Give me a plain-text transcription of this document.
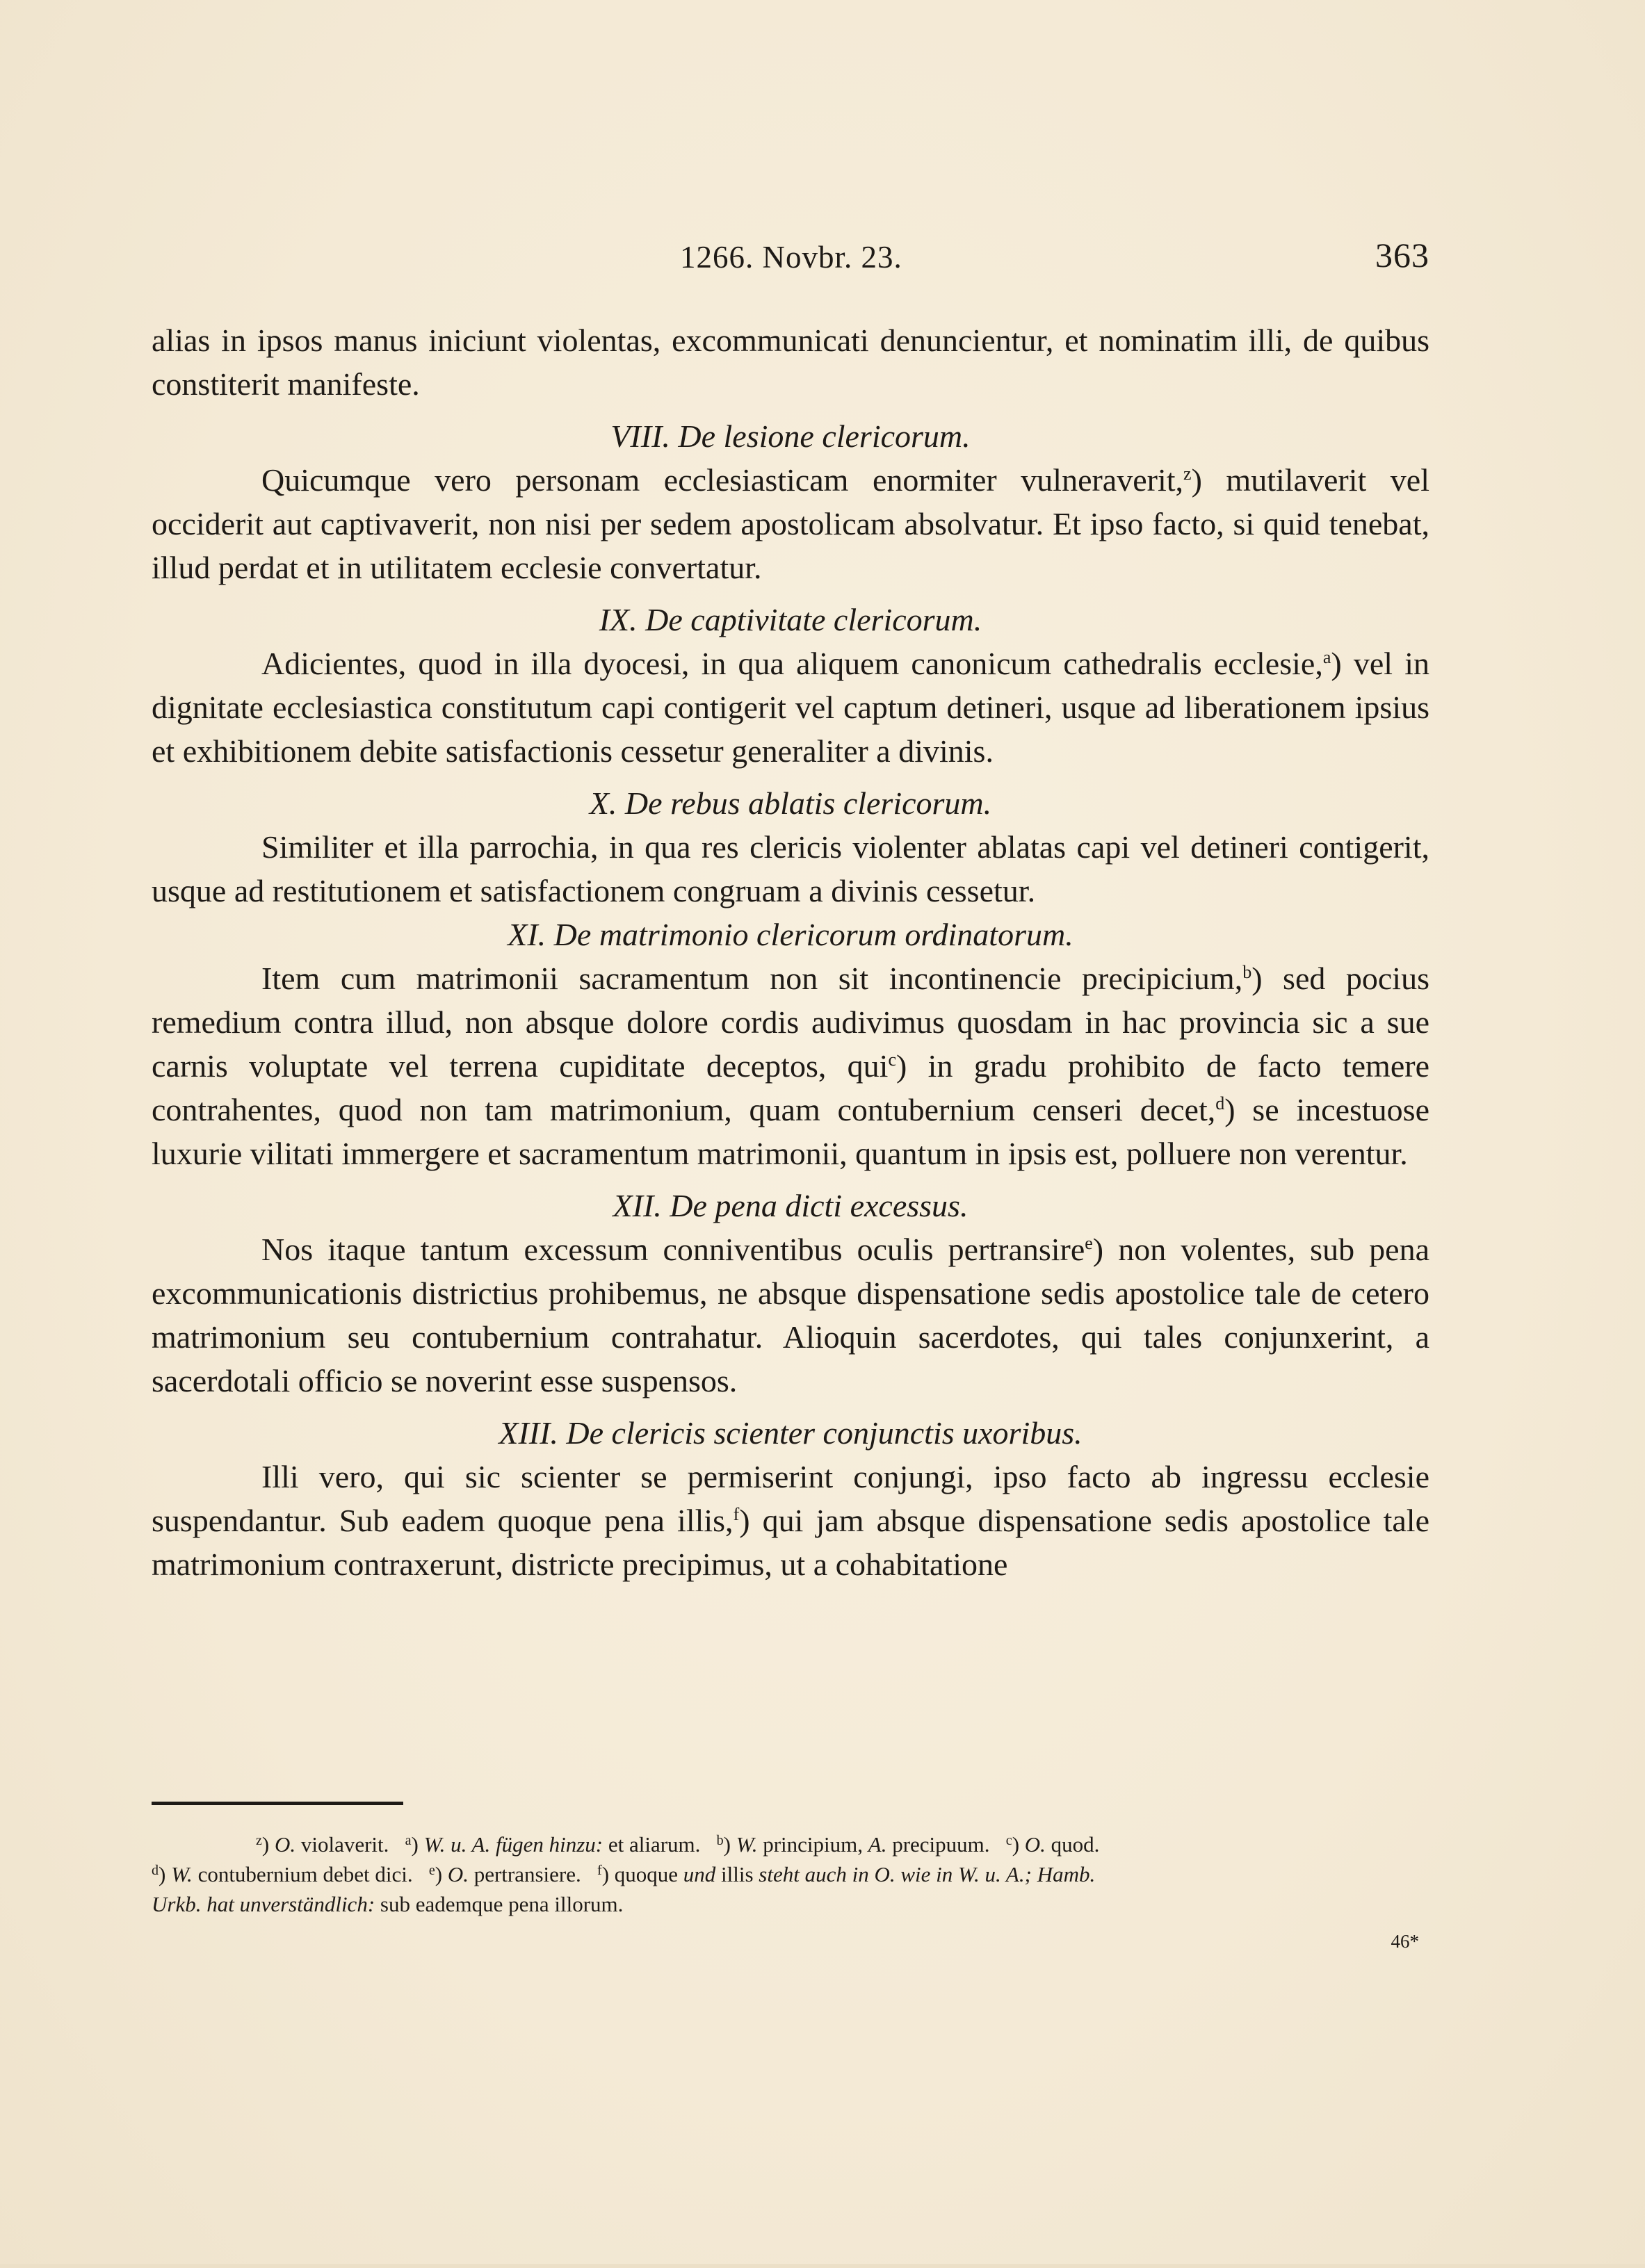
1266. Novbr. 23.	363

alias in ipsos manus iniciunt violentas, excommunicati denuncientur, et nominatim illi, de quibus constiterit manifeste.

VIII. De lesione clericorum.

Quicumque vero personam ecclesiasticam enormiter vulneraverit,$^z$) mutilaverit vel occiderit aut captivaverit, non nisi per sedem apostolicam absolvatur. Et ipso facto, si quid tenebat, illud perdat et in utilitatem ecclesie convertatur.

IX. De captivitate clericorum.

Adicientes, quod in illa dyocesi, in qua aliquem canonicum cathedralis ecclesie,$^a$) vel in dignitate ecclesiastica constitutum capi contigerit vel captum detineri, usque ad liberationem ipsius et exhibitionem debite satisfactionis cessetur generaliter a divinis.

X. De rebus ablatis clericorum.

Similiter et illa parrochia, in qua res clericis violenter ablatas capi vel detineri contigerit, usque ad restitutionem et satisfactionem congruam a divinis cessetur.

XI. De matrimonio clericorum ordinatorum.

Item cum matrimonii sacramentum non sit incontinencie precipicium,$^b$) sed pocius remedium contra illud, non absque dolore cordis audivimus quosdam in hac provincia sic a sue carnis voluptate vel terrena cupiditate deceptos, qui$^c$) in gradu prohibito de facto temere contrahentes, quod non tam matrimonium, quam contubernium censeri decet,$^d$) se incestuose luxurie vilitati immergere et sacramentum matrimonii, quantum in ipsis est, polluere non verentur.

XII. De pena dicti excessus.

Nos itaque tantum excessum conniventibus oculis pertransire$^e$) non volentes, sub pena excommunicationis districtius prohibemus, ne absque dispensatione sedis apostolice tale de cetero matrimonium seu contubernium contrahatur. Alioquin sacerdotes, qui tales conjunxerint, a sacerdotali officio se noverint esse suspensos.

XIII. De clericis scienter conjunctis uxoribus.

Illi vero, qui sic scienter se permiserint conjungi, ipso facto ab ingressu ecclesie suspendantur. Sub eadem quoque pena illis,$^f$) qui jam absque dispensatione sedis apostolice tale matrimonium contraxerunt, districte precipimus, ut a cohabitatione

$^z$) O. violaverit. $^a$) W. u. A. fügen hinzu: et aliarum. $^b$) W. principium, A. precipuum. $^c$) O. quod.

$^d$) W. contubernium debet dici. $^e$) O. pertransiere. $^f$) quoque und illis steht auch in O. wie in W. u. A.; Hamb.

Urkb. hat unverständlich: sub eademque pena illorum.

46*
